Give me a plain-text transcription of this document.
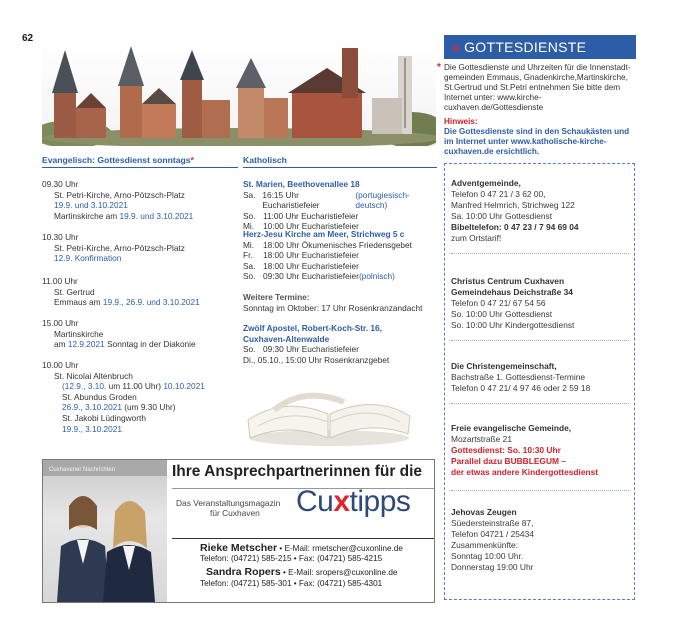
62
» GOTTESDIENSTE
* Die Gottesdienste und Uhrzeiten für die Innenstadt-gemeinden Emmaus, Gnadenkirche,Martinskirche, St.Gertrud und St.Petri entnehmen Sie bitte dem Internet unter: www.kirche-cuxhaven.de/Gottesdienste
Hinweis:
Die Gottesdienste sind in den Schaukästen und im Internet unter www.katholische-kirche-cuxhaven.de ersichtlich.
Evangelisch: Gottesdienst sonntags*
09.30 Uhr
St. Petri-Kirche, Arno-Pötzsch-Platz
19.9. und 3.10.2021
Martinskirche am 19.9. und 3.10.2021
10.30 Uhr
St. Petri-Kirche, Arno-Pötzsch-Platz
12.9. Konfirmation
11.00 Uhr
St. Gertrud
Emmaus am 19.9., 26.9. und 3.10.2021
15.00 Uhr
Martinskirche
am 12.9.2021 Sonntag in der Diakonie
10.00 Uhr
St. Nicolai Altenbruch
(12.9., 3.10. um 11.00 Uhr) 10.10.2021
St. Abundus Groden
26.9., 3.10.2021 (um 9.30 Uhr)
St. Jakobi Lüdingworth
19.9., 3.10.2021
Katholisch
St. Marien, Beethovenallee 18
Sa. 16:15 Uhr Eucharistiefeier
(portugiesisch-deutsch)
So. 11:00 Uhr Eucharistiefeier
Mi.	10:00 Uhr Eucharistiefeier
Herz-Jesu Kirche am Meer, Strichweg 5 c
Mi.	18:00 Uhr Ökumenisches Friedensgebet
Fr.	18:00 Uhr Eucharistiefeier
Sa. 18:00 Uhr Eucharistiefeier
So. 09:30 Uhr Eucharistiefeier (polnisch)
Weitere Termine:
Sonntag im Oktober: 17 Uhr Rosenkranzandacht
Zwölf Apostel, Robert-Koch-Str. 16,
Cuxhaven-Altenwalde
So. 09:30 Uhr Eucharistiefeier
Di., 05.10., 15:00 Uhr Rosenkranzgebet
Adventgemeinde,
Telefon 0 47 21 / 3 62 00,
Manfred Helmrich, Strichweg 122
Sa. 10:00 Uhr Gottesdienst
Bibeltelefon: 0 47 23 / 7 94 69 04
zum Ortstarif!
Christus Centrum Cuxhaven
Gemeindehaus Deichstraße 34
Telefon 0 47 21/ 67 54 56
So. 10:00 Uhr Gottesdienst
So. 10:00 Uhr Kindergottesdienst
Die Christengemeinschaft,
Bachstraße 1. Gottesdienst-Termine
Telefon 0 47 21/ 4 97 46 oder 2 59 18
Freie evangelische Gemeinde,
Mozartstraße 21
Gottesdienst: So. 10:30 Uhr
Parallel dazu BUBBLEGUM –
der etwas andere Kindergottesdienst
Jehovas Zeugen
Süedersteinstraße 87,
Telefon 04721 / 25434
Zusammenkünfte:
Sonntag 10:00 Uhr.
Donnerstag 19:00 Uhr
Cuxhavener Nachrichten	Ihre Ansprechpartnerinnen für die
Das Veranstaltungsmagazin
für Cuxhaven Cuxtipps
Rieke Metscher • E-Mail: rmetscher@cuxonline.de
Telefon: (04721) 585-215 • Fax: (04721) 585-4215
Sandra Ropers • E-Mail: sropers@cuxonline.de
Telefon: (04721) 585-301 • Fax: (04721) 585-4301
